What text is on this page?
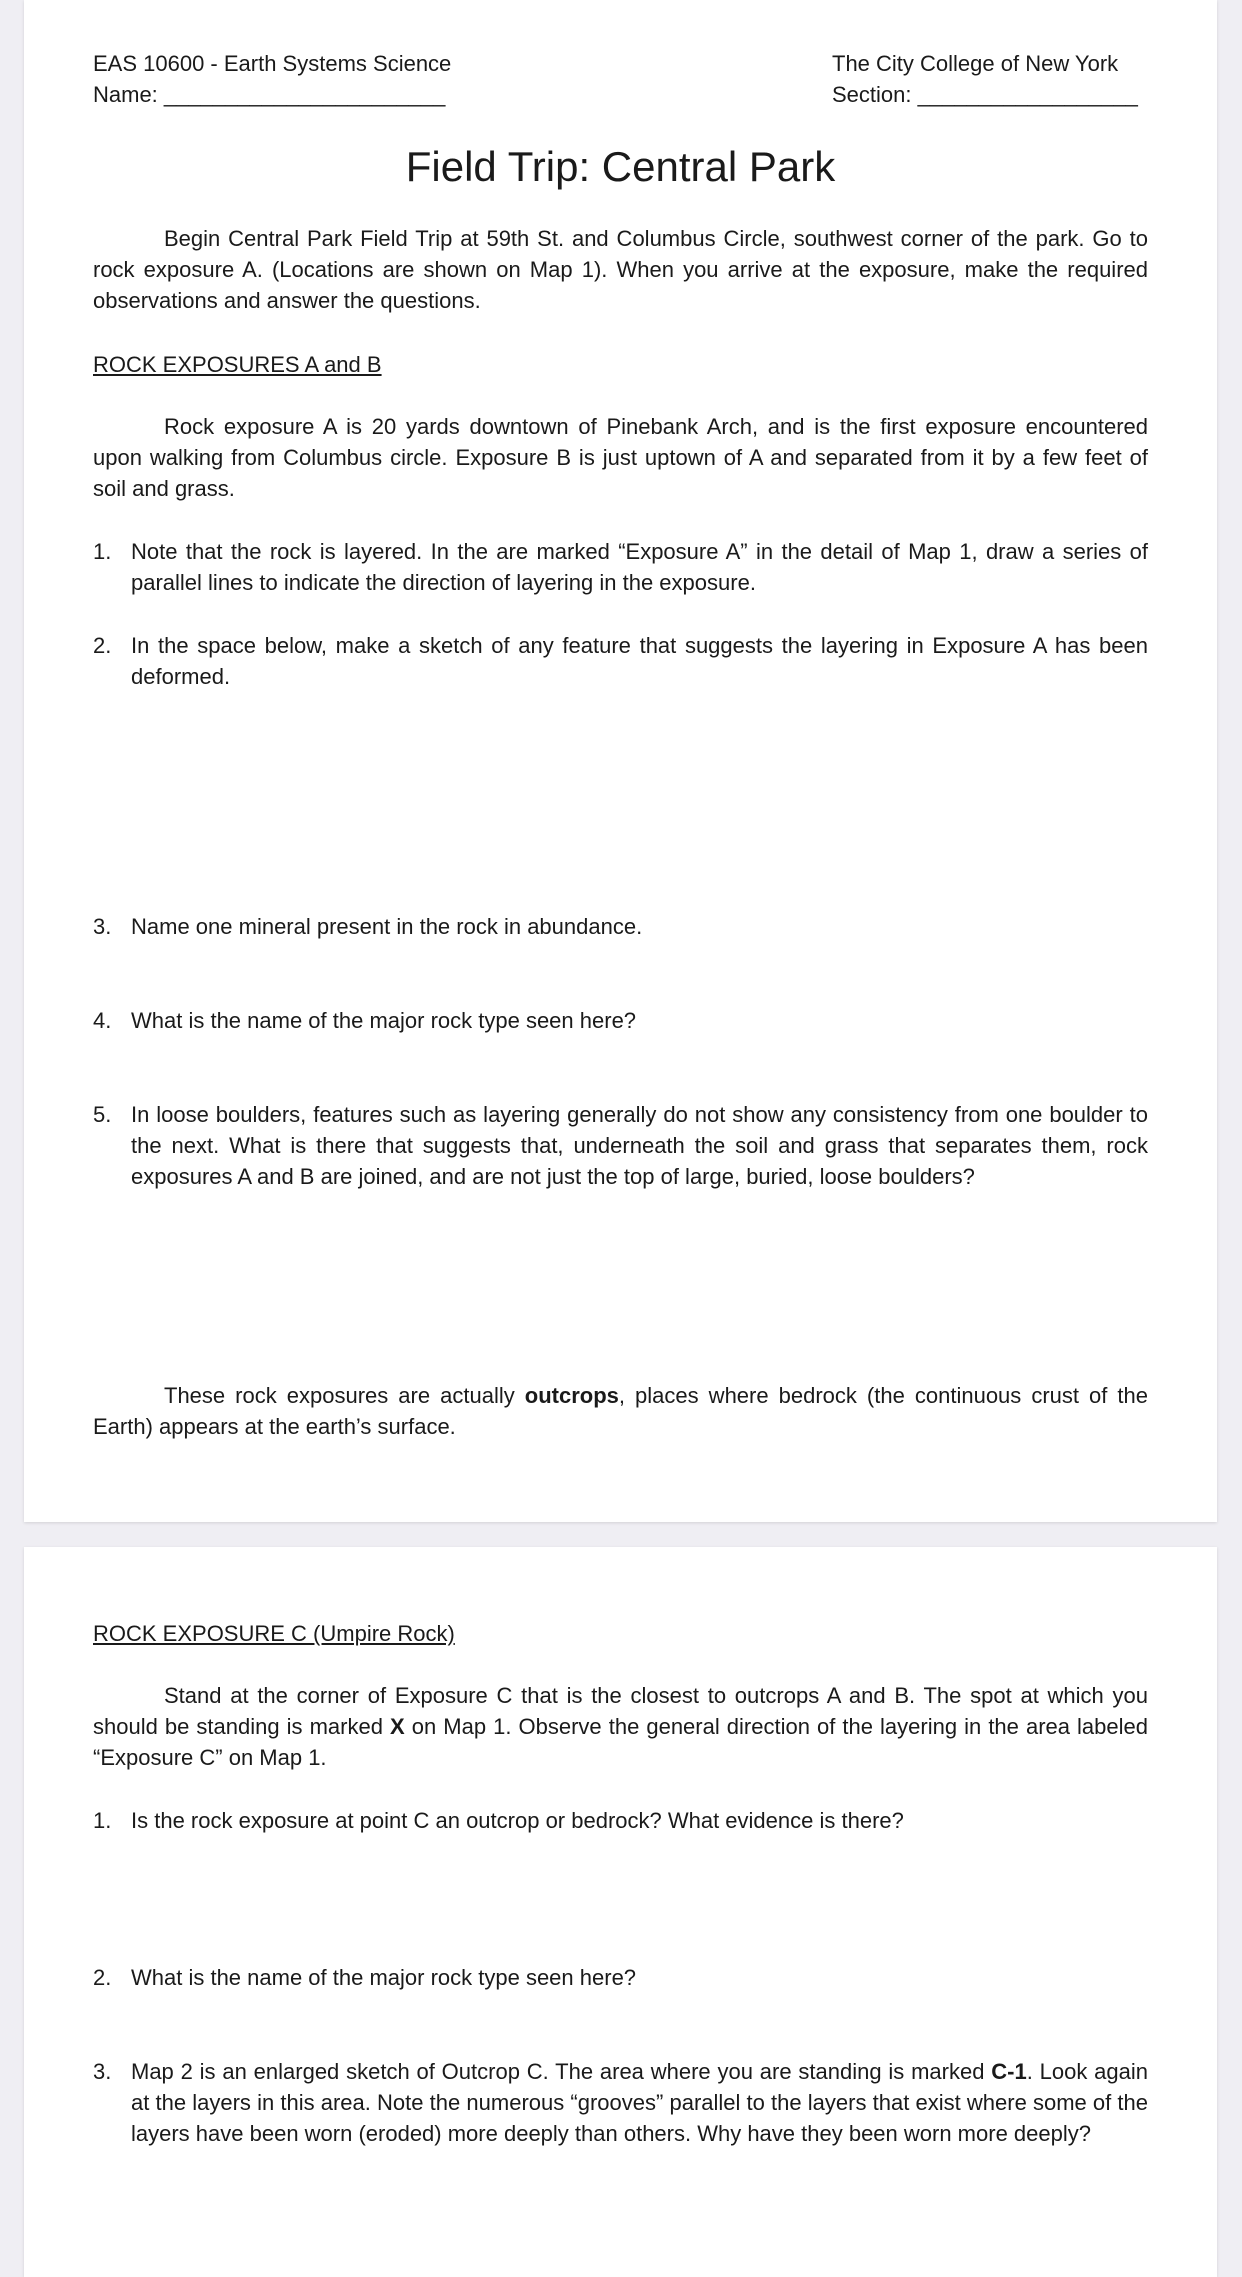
EAS 10600 - Earth Systems Science
Name: _______________________
The City College of New York
Section: __________________
Field Trip: Central Park
Begin Central Park Field Trip at 59th St. and Columbus Circle, southwest corner of the park. Go to rock exposure A. (Locations are shown on Map 1). When you arrive at the exposure, make the required observations and answer the questions.
ROCK EXPOSURES A and B
Rock exposure A is 20 yards downtown of Pinebank Arch, and is the first exposure encountered upon walking from Columbus circle. Exposure B is just uptown of A and separated from it by a few feet of soil and grass.
1. Note that the rock is layered. In the are marked “Exposure A” in the detail of Map 1, draw a series of parallel lines to indicate the direction of layering in the exposure.
2. In the space below, make a sketch of any feature that suggests the layering in Exposure A has been deformed.
3. Name one mineral present in the rock in abundance.
4. What is the name of the major rock type seen here?
5. In loose boulders, features such as layering generally do not show any consistency from one boulder to the next. What is there that suggests that, underneath the soil and grass that separates them, rock exposures A and B are joined, and are not just the top of large, buried, loose boulders?
These rock exposures are actually outcrops, places where bedrock (the continuous crust of the Earth) appears at the earth’s surface.
ROCK EXPOSURE C (Umpire Rock)
Stand at the corner of Exposure C that is the closest to outcrops A and B. The spot at which you should be standing is marked X on Map 1. Observe the general direction of the layering in the area labeled “Exposure C” on Map 1.
1. Is the rock exposure at point C an outcrop or bedrock? What evidence is there?
2. What is the name of the major rock type seen here?
3. Map 2 is an enlarged sketch of Outcrop C. The area where you are standing is marked C-1. Look again at the layers in this area. Note the numerous “grooves” parallel to the layers that exist where some of the layers have been worn (eroded) more deeply than others. Why have they been worn more deeply?
